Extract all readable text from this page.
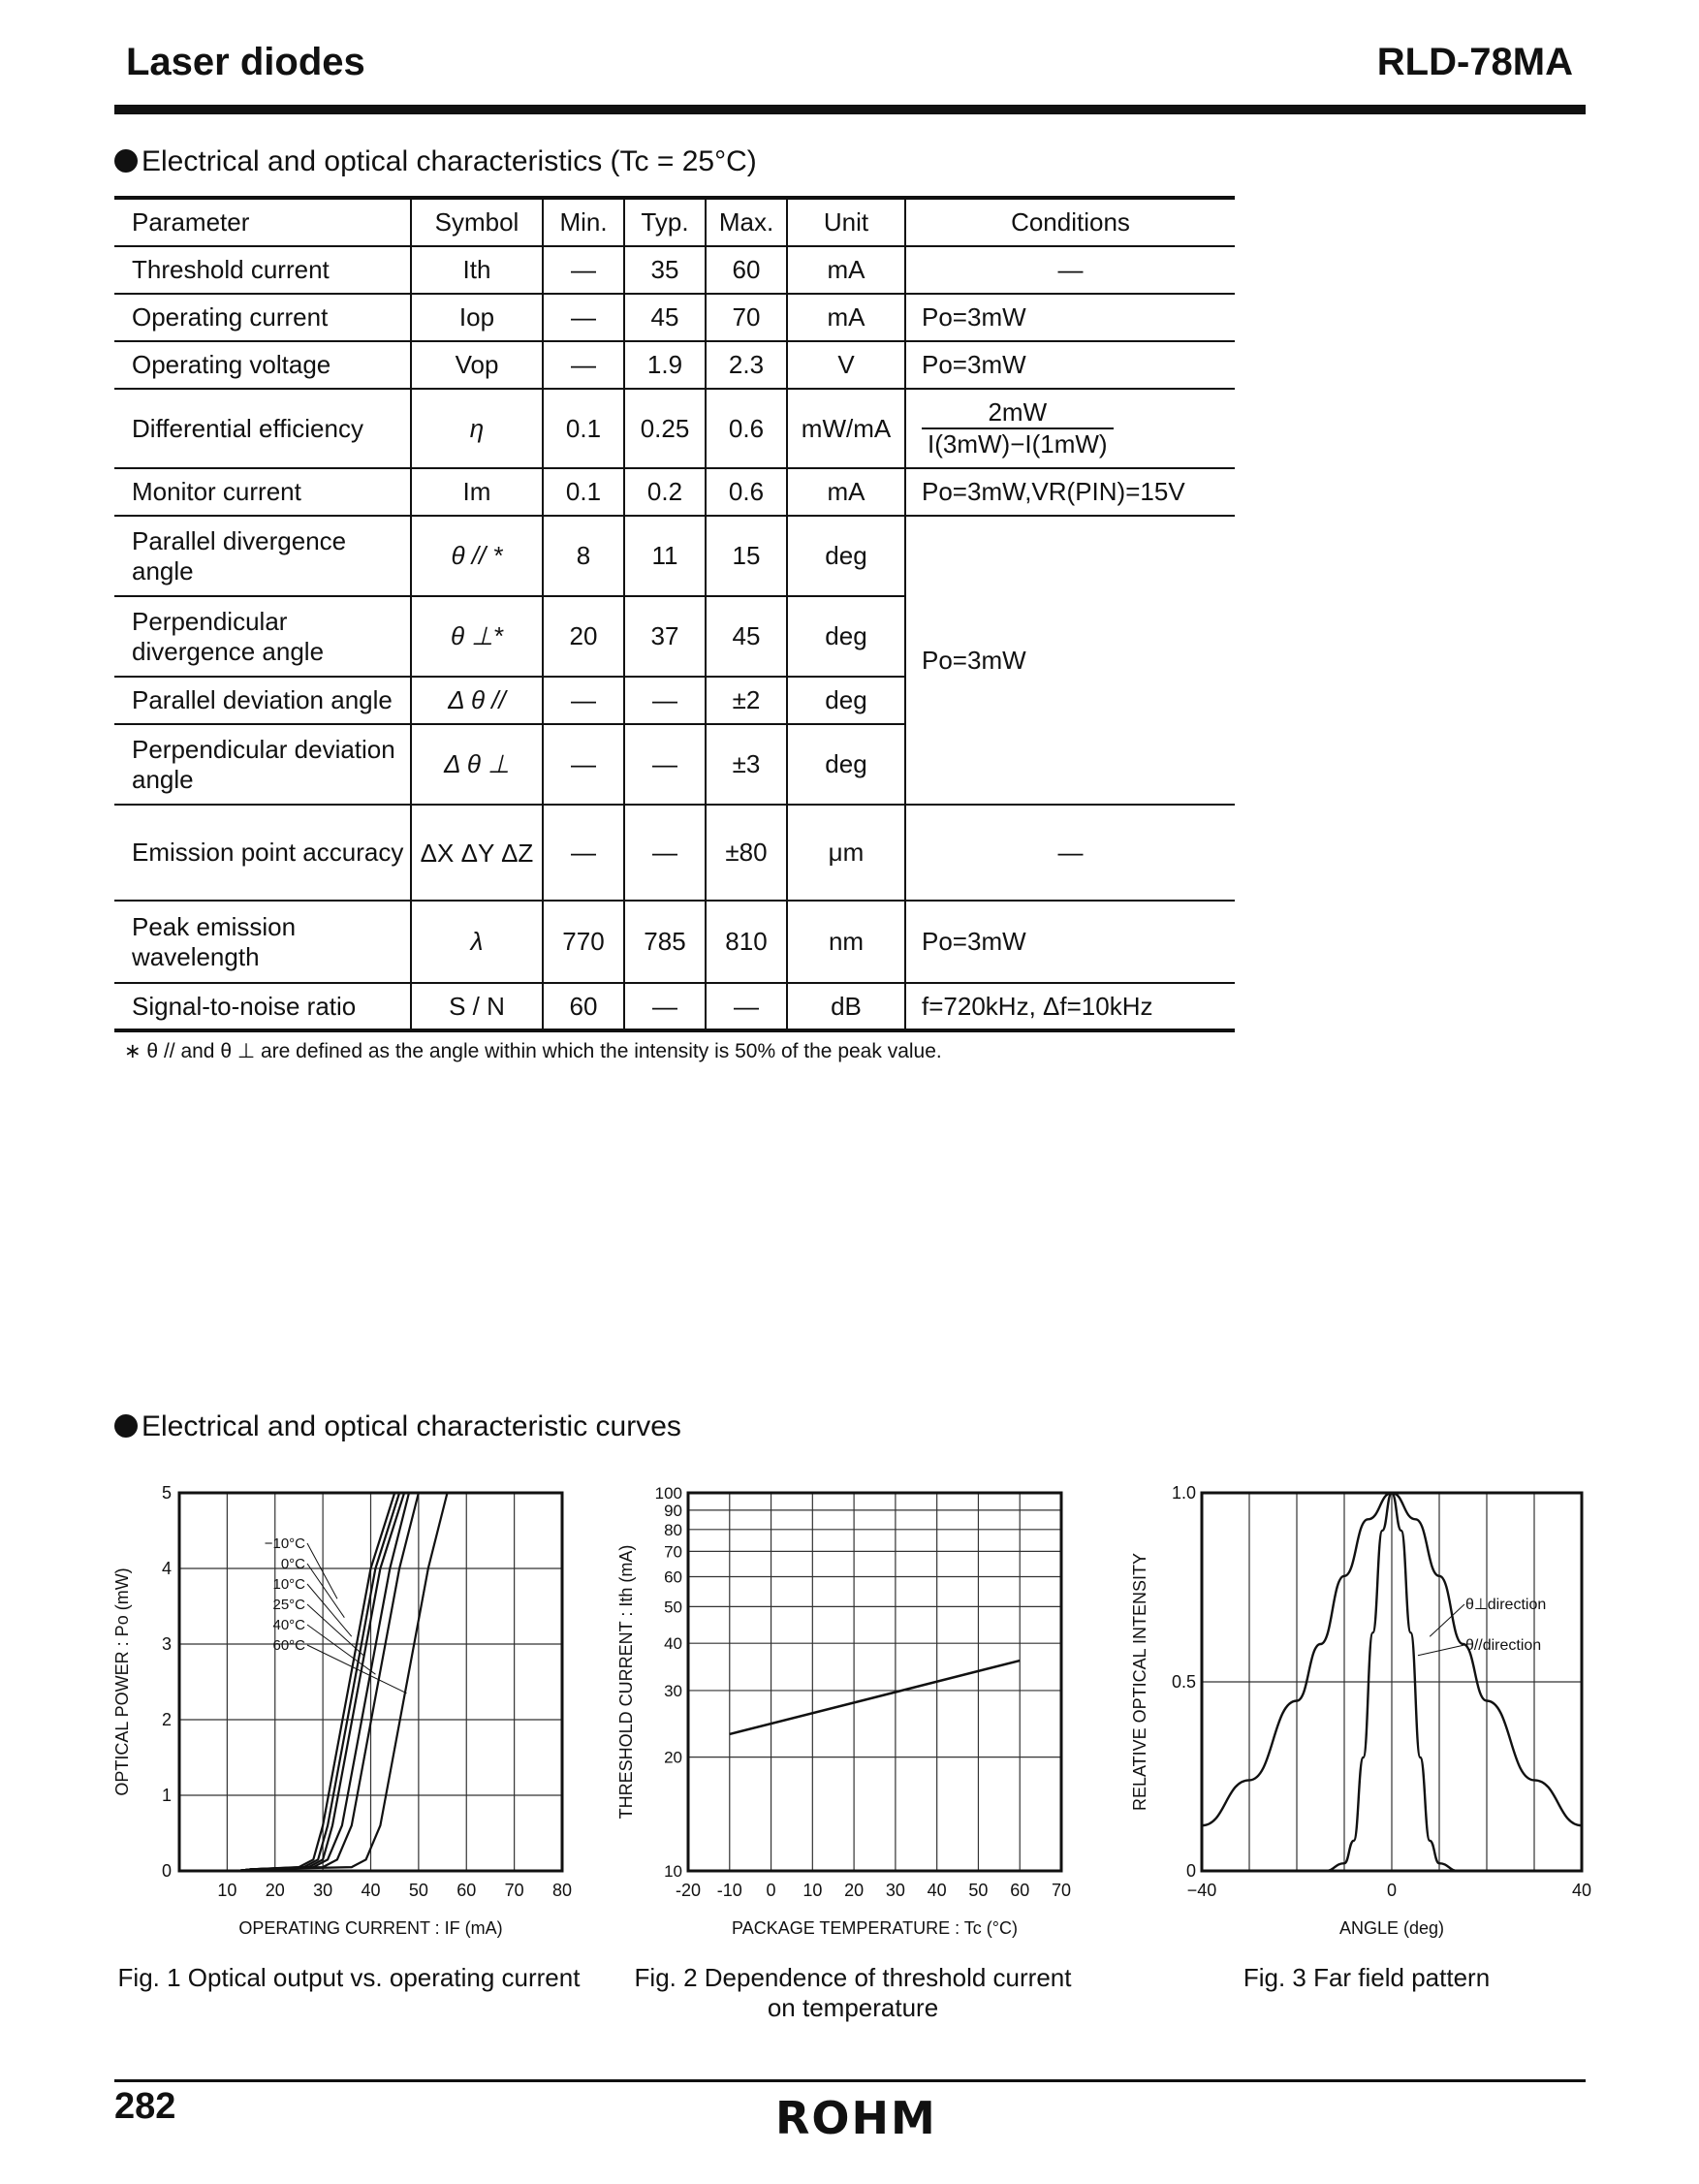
Laser diodes	RLD-78MA
Electrical and optical characteristics (Tc = 25°C)
Parameter	Symbol	Min.	Typ.	Max.	Unit	Conditions
Threshold current	Ith	—	35	60	mA	—
Operating current	Iop	—	45	70	mA	Po=3mW
Operating voltage	Vop	—	1.9	2.3	V	Po=3mW
Differential efficiency	η	0.1	0.25	0.6	mW/mA	$\frac{2mW}{I(3mW)-I(1mW)}$

Monitor current	Im	0.1	0.2	0.6	mA	Po=3mW,VR(PIN)=15V
Parallel divergence angle	θ // *	8	11	15	deg	Po=3mW
Perpendicular divergence angle	θ ⊥*	20	37	45	deg	
Parallel deviation angle	Δ θ //	—	—	±2	deg	
Perpendicular deviation angle	Δ θ ⊥	—	—	±3	deg	
Emission point accuracy	ΔX ΔY ΔZ	—	—	±80	μm	—
Peak emission wavelength	λ	770	785	810	nm	Po=3mW
Signal-to-noise ratio	S / N	60	—	—	dB	f=720kHz, Δf=10kHz
∗ θ // and θ ⊥ are defined as the angle within which the intensity is 50% of the peak value.
Electrical and optical characteristic curves
10 20 30 40 50 60 70 80
0
1
2
3
4
5
−10°C
0°C
10°C
25°C
40°C
60°C
OPERATING CURRENT : IF (mA)
OPTICAL POWER : Po (mW)
-20 -10 0 10 20 30 40 50 60 70
10
20
30
40
50
60
70
80
90
100
PACKAGE TEMPERATURE : Tc (°C)
THRESHOLD CURRENT : Ith (mA)
−40	0	40
0
0.5
1.0
θ⊥direction
θ//direction
ANGLE (deg)
RELATIVE OPTICAL INTENSITY
Fig. 1 Optical output vs. operating current	Fig. 2 Dependence of threshold current
on temperature
Fig. 3 Far field pattern
282	ROHM
